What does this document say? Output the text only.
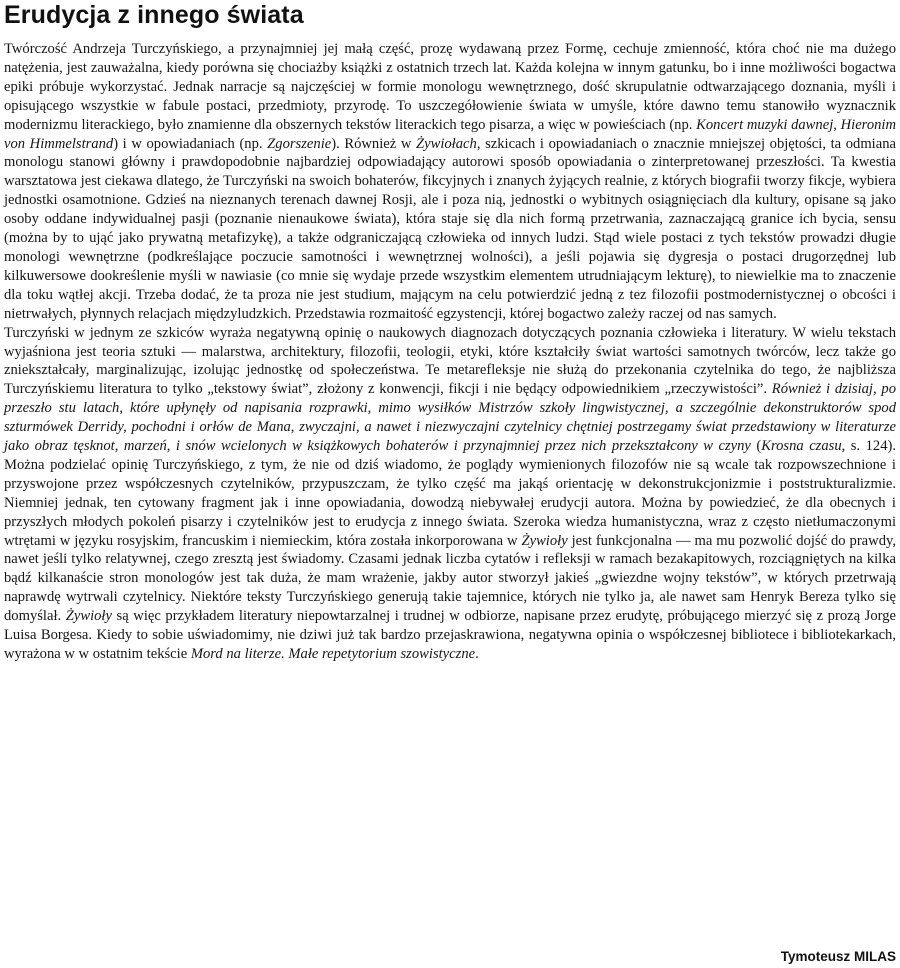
Erudycja z innego świata

Twórczość Andrzeja Turczyńskiego, a przynajmniej jej małą część, prozę wydawaną przez Formę, cechuje zmienność, która choć nie ma dużego natężenia, jest zauważalna, kiedy porówna się chociażby książki z ostatnich trzech lat. Każda kolejna w innym gatunku, bo i inne możliwości bogactwa epiki próbuje wykorzystać. Jednak narracje są najczęściej w formie monologu wewnętrznego, dość skrupulatnie odtwarzającego doznania, myśli i opisującego wszystkie w fabule postaci, przedmioty, przyrodę. To uszczegółowienie świata w umyśle, które dawno temu stanowiło wyznacznik modernizmu literackiego, było znamienne dla obszernych tekstów literackich tego pisarza, a więc w powieściach (np. Koncert muzyki dawnej, Hieronim von Himmelstrand) i w opowiadaniach (np. Zgorszenie). Również w Żywiołach, szkicach i opowiadaniach o znacznie mniejszej objętości, ta odmiana monologu stanowi główny i prawdopodobnie najbardziej odpowiadający autorowi sposób opowiadania o zinterpretowanej przeszłości. Ta kwestia warsztatowa jest ciekawa dlatego, że Turczyński na swoich bohaterów, fikcyjnych i znanych żyjących realnie, z których biografii tworzy fikcje, wybiera jednostki osamotnione. Gdzieś na nieznanych terenach dawnej Rosji, ale i poza nią, jednostki o wybitnych osiągnięciach dla kultury, opisane są jako osoby oddane indywidualnej pasji (poznanie nienaukowe świata), która staje się dla nich formą przetrwania, zaznaczającą granice ich bycia, sensu (można by to ująć jako prywatną metafizykę), a także odgraniczającą człowieka od innych ludzi. Stąd wiele postaci z tych tekstów prowadzi długie monologi wewnętrzne (podkreślające poczucie samotności i wewnętrznej wolności), a jeśli pojawia się dygresja o postaci drugorzędnej lub kilkuwersowe dookreślenie myśli w nawiasie (co mnie się wydaje przede wszystkim elementem utrudniającym lekturę), to niewielkie ma to znaczenie dla toku wątłej akcji. Trzeba dodać, że ta proza nie jest studium, mającym na celu potwierdzić jedną z tez filozofii postmodernistycznej o obcości i nietrwałych, płynnych relacjach międzyludzkich. Przedstawia rozmaitość egzystencji, której bogactwo zależy raczej od nas samych.

Turczyński w jednym ze szkiców wyraża negatywną opinię o naukowych diagnozach dotyczących poznania człowieka i literatury. W wielu tekstach wyjaśniona jest teoria sztuki — malarstwa, architektury, filozofii, teologii, etyki, które kształciły świat wartości samotnych twórców, lecz także go zniekształcały, marginalizując, izolując jednostkę od społeczeństwa. Te metarefleksje nie służą do przekonania czytelnika do tego, że najbliższa Turczyńskiemu literatura to tylko „tekstowy świat”, złożony z konwencji, fikcji i nie będący odpowiednikiem „rzeczywistości”. Również i dzisiaj, po przeszło stu latach, które upłynęły od napisania rozprawki, mimo wysiłków Mistrzów szkoły lingwistycznej, a szczególnie dekonstruktorów spod szturmówek Derridy, pochodni i orłów de Mana, zwyczajni, a nawet i niezwyczajni czytelnicy chętniej postrzegamy świat przedstawiony w literaturze jako obraz tęsknot, marzeń, i snów wcielonych w książkowych bohaterów i przynajmniej przez nich przekształcony w czyny (Krosna czasu, s. 124). Można podzielać opinię Turczyńskiego, z tym, że nie od dziś wiadomo, że poglądy wymienionych filozofów nie są wcale tak rozpowszechnione i przyswojone przez współczesnych czytelników, przypuszczam, że tylko część ma jakąś orientację w dekonstrukcjonizmie i poststrukturalizmie. Niemniej jednak, ten cytowany fragment jak i inne opowiadania, dowodzą niebywałej erudycji autora. Można by powiedzieć, że dla obecnych i przyszłych młodych pokoleń pisarzy i czytelników jest to erudycja z innego świata. Szeroka wiedza humanistyczna, wraz z często nietłumaczonymi wtrętami w języku rosyjskim, francuskim i niemieckim, która została inkorporowana w Żywioły jest funkcjonalna — ma mu pozwolić dojść do prawdy, nawet jeśli tylko relatywnej, czego zresztą jest świadomy. Czasami jednak liczba cytatów i refleksji w ramach bezakapitowych, rozciągniętych na kilka bądź kilkanaście stron monologów jest tak duża, że mam wrażenie, jakby autor stworzył jakieś „gwiezdne wojny tekstów”, w których przetrwają naprawdę wytrwali czytelnicy. Niektóre teksty Turczyńskiego generują takie tajemnice, których nie tylko ja, ale nawet sam Henryk Bereza tylko się domyślał. Żywioły są więc przykładem literatury niepowtarzalnej i trudnej w odbiorze, napisane przez erudytę, próbującego mierzyć się z prozą Jorge Luisa Borgesa. Kiedy to sobie uświadomimy, nie dziwi już tak bardzo przejaskrawiona, negatywna opinia o współczesnej bibliotece i bibliotekarkach, wyrażona w w ostatnim tekście Mord na literze. Małe repetytorium szowistyczne.

Tymoteusz MILAS
